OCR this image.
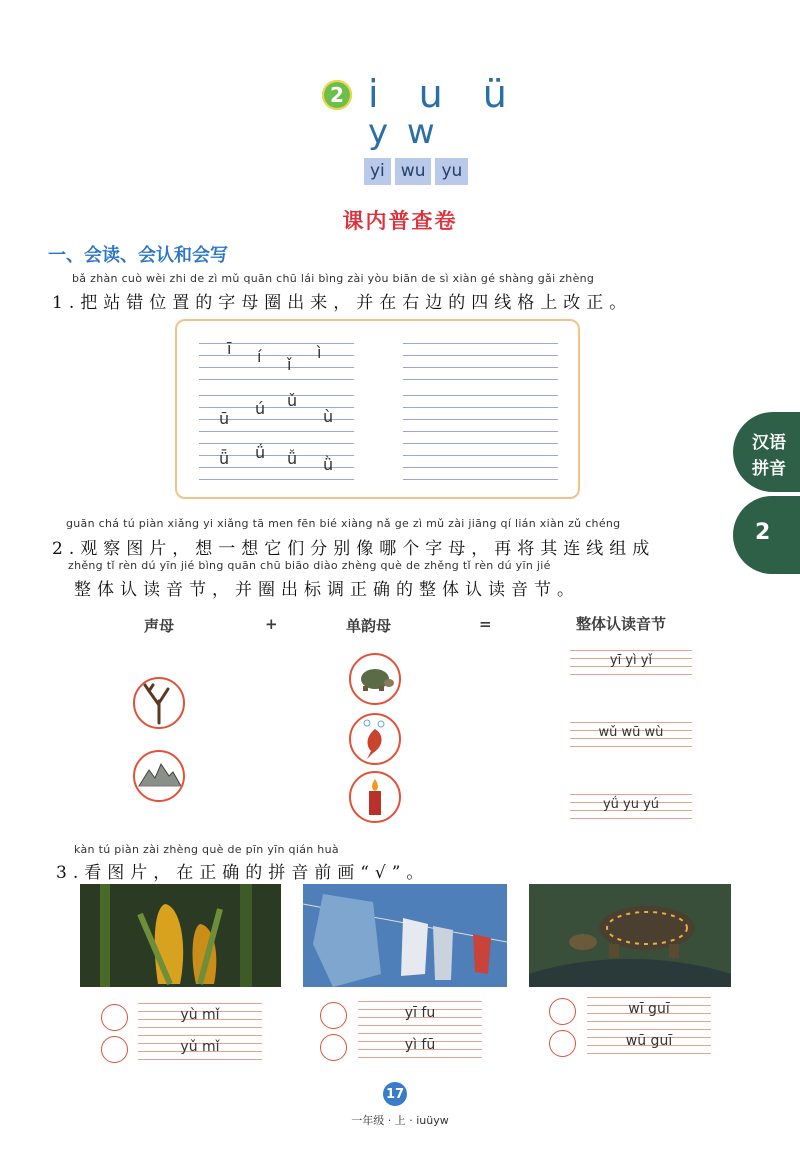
2 i u ü
y w
yi wu yu
课内普查卷
一、会读、会认和会写
bǎ zhàn cuò wèi zhi de zì mǔ quān chū lái bìng zài yòu biān de sì xiàn gé shàng gǎi zhèng
1.把站错位置的字母圈出来，并在右边的四线格上改正。
ī í ǐ
ì
ū
ú ǔ
ù
ǖ ǘ ǚ ǜ
汉语
拼音
2
guān chá tú piàn xiǎng yi xiǎng tā men fēn bié xiàng nǎ ge zì mǔ zài jiāng qí lián xiàn zǔ chéng
2.观察图片，想一想它们分别像哪个字母，再将其连线组成
zhěng tǐ rèn dú yīn jié bìng quān chū biāo diào zhèng què de zhěng tǐ rèn dú yīn jié
整体认读音节，并圈出标调正确的整体认读音节。
声母	+	单韵母	=	整体认读音节
yī yì yǐ
wǔ wū wù
yǘ yu yú
kàn tú piàn zài zhèng què de pīn yīn qián huà
3.看图片，在正确的拼音前画“√”。
yù mǐ
yǔ mǐ
yī fu
yì fū
wī guī
wū guī
17
一年级 · 上 · iuüyw
